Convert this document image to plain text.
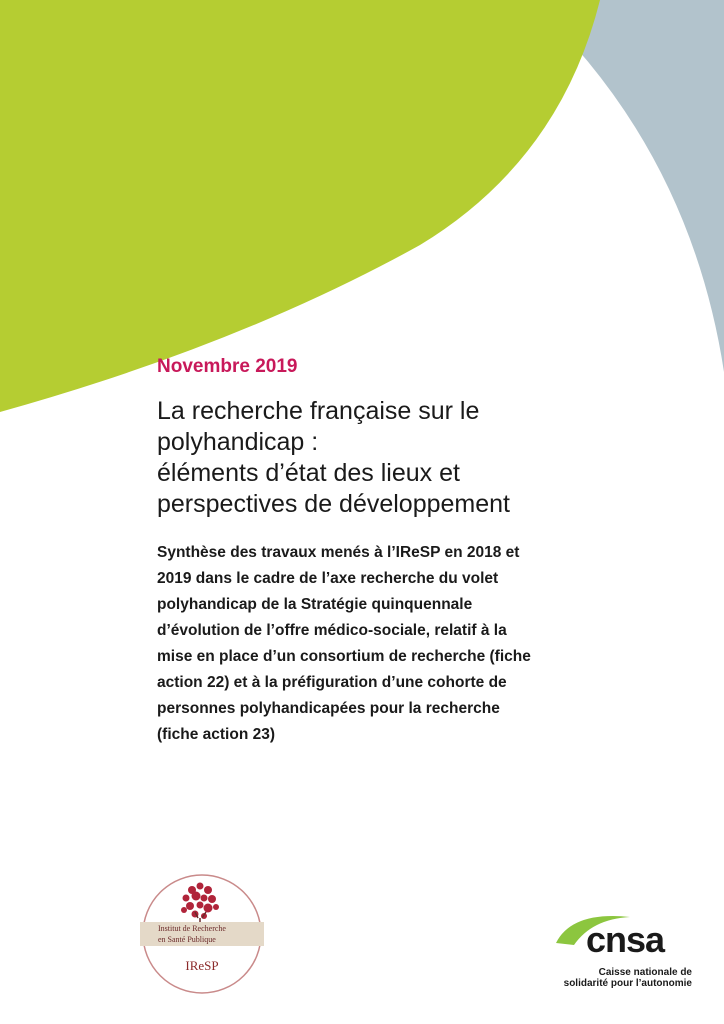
Novembre 2019

La recherche française sur le
polyhandicap :
éléments d’état des lieux et
perspectives de développement

Synthèse des travaux menés à l’IReSP en 2018 et
2019 dans le cadre de l’axe recherche du volet
polyhandicap de la Stratégie quinquennale
d’évolution de l’offre médico-sociale, relatif à la
mise en place d’un consortium de recherche (fiche
action 22) et à la préfiguration d’une cohorte de
personnes polyhandicapées pour la recherche
(fiche action 23)

Institut de Recherche
en Santé Publique
IReSP
cnsa
Caisse nationale de
solidarité pour l’autonomie
